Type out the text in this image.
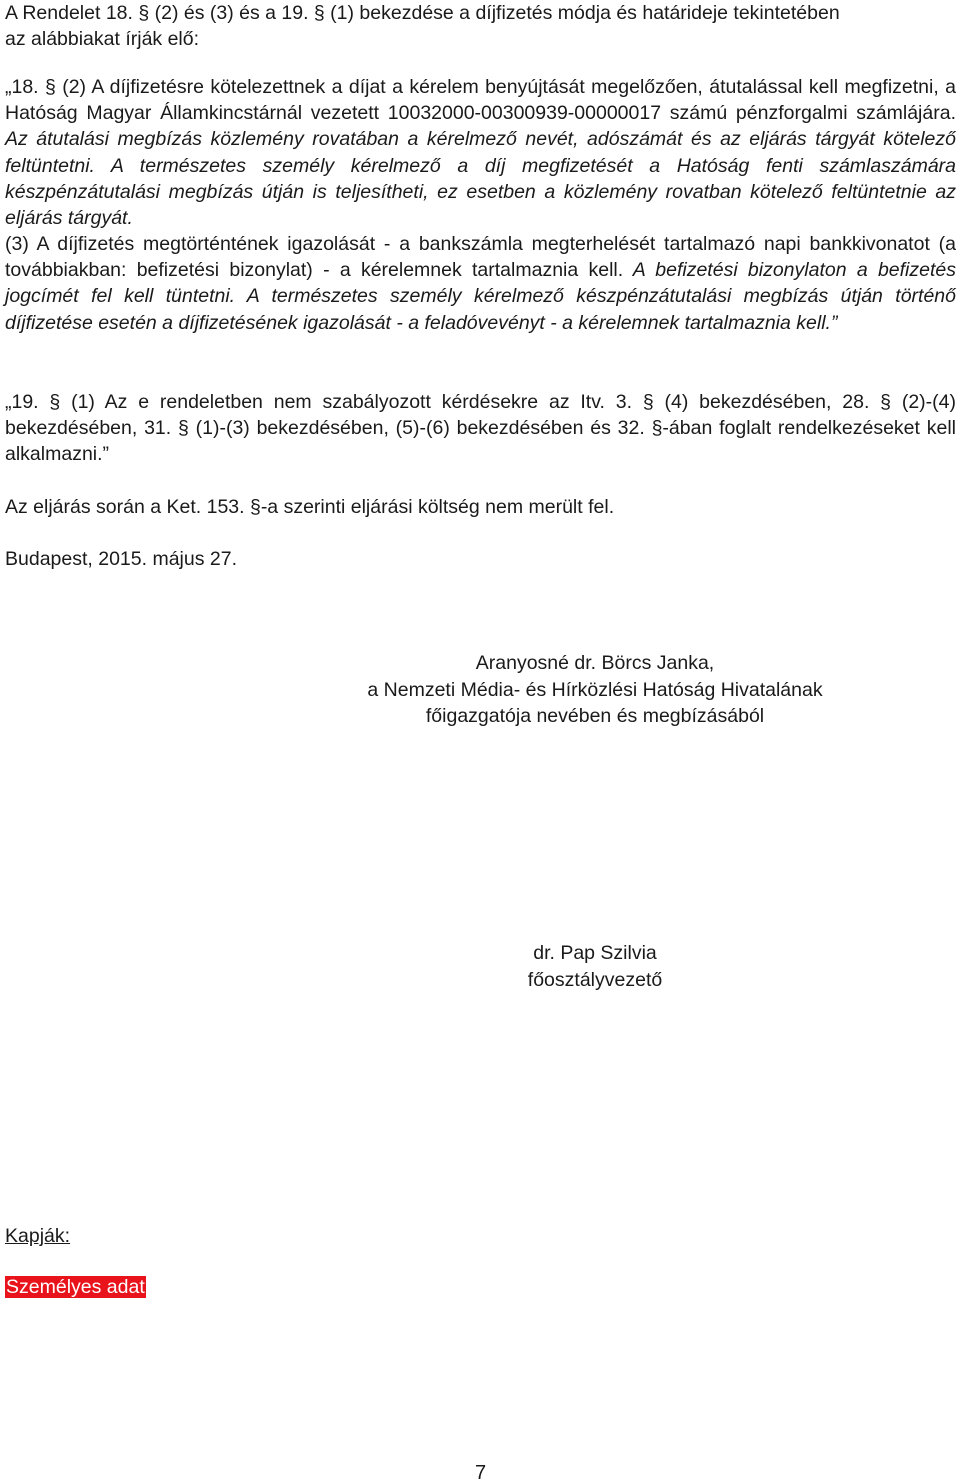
A Rendelet 18. § (2) és (3) és a 19. § (1) bekezdése a díjfizetés módja és határideje tekintetében
az alábbiakat írják elő:

„18. § (2) A díjfizetésre kötelezettnek a díjat a kérelem benyújtását megelőzően, átutalással kell megfizetni, a Hatóság Magyar Államkincstárnál vezetett 10032000-00300939-00000017 számú pénzforgalmi számlájára. Az átutalási megbízás közlemény rovatában a kérelmező nevét, adószámát és az eljárás tárgyát kötelező feltüntetni. A természetes személy kérelmező a díj megfizetését a Hatóság fenti számlaszámára készpénzátutalási megbízás útján is teljesítheti, ez esetben a közlemény rovatban kötelező feltüntetnie az eljárás tárgyát.

(3) A díjfizetés megtörténtének igazolását - a bankszámla megterhelését tartalmazó napi bankkivonatot (a továbbiakban: befizetési bizonylat) - a kérelemnek tartalmaznia kell. A befizetési bizonylaton a befizetés jogcímét fel kell tüntetni. A természetes személy kérelmező készpénzátutalási megbízás útján történő díjfizetése esetén a díjfizetésének igazolását - a feladóvevényt - a kérelemnek tartalmaznia kell.”

„19. § (1) Az e rendeletben nem szabályozott kérdésekre az Itv. 3. § (4) bekezdésében, 28. § (2)-(4) bekezdésében, 31. § (1)-(3) bekezdésében, (5)-(6) bekezdésében és 32. §-ában foglalt rendelkezéseket kell alkalmazni.”

Az eljárás során a Ket. 153. §-a szerinti eljárási költség nem merült fel.
Budapest, 2015. május 27.
Aranyosné dr. Börcs Janka,
a Nemzeti Média- és Hírközlési Hatóság Hivatalának
főigazgatója nevében és megbízásából
dr. Pap Szilvia
főosztályvezető
Kapják:
Személyes adat
7
